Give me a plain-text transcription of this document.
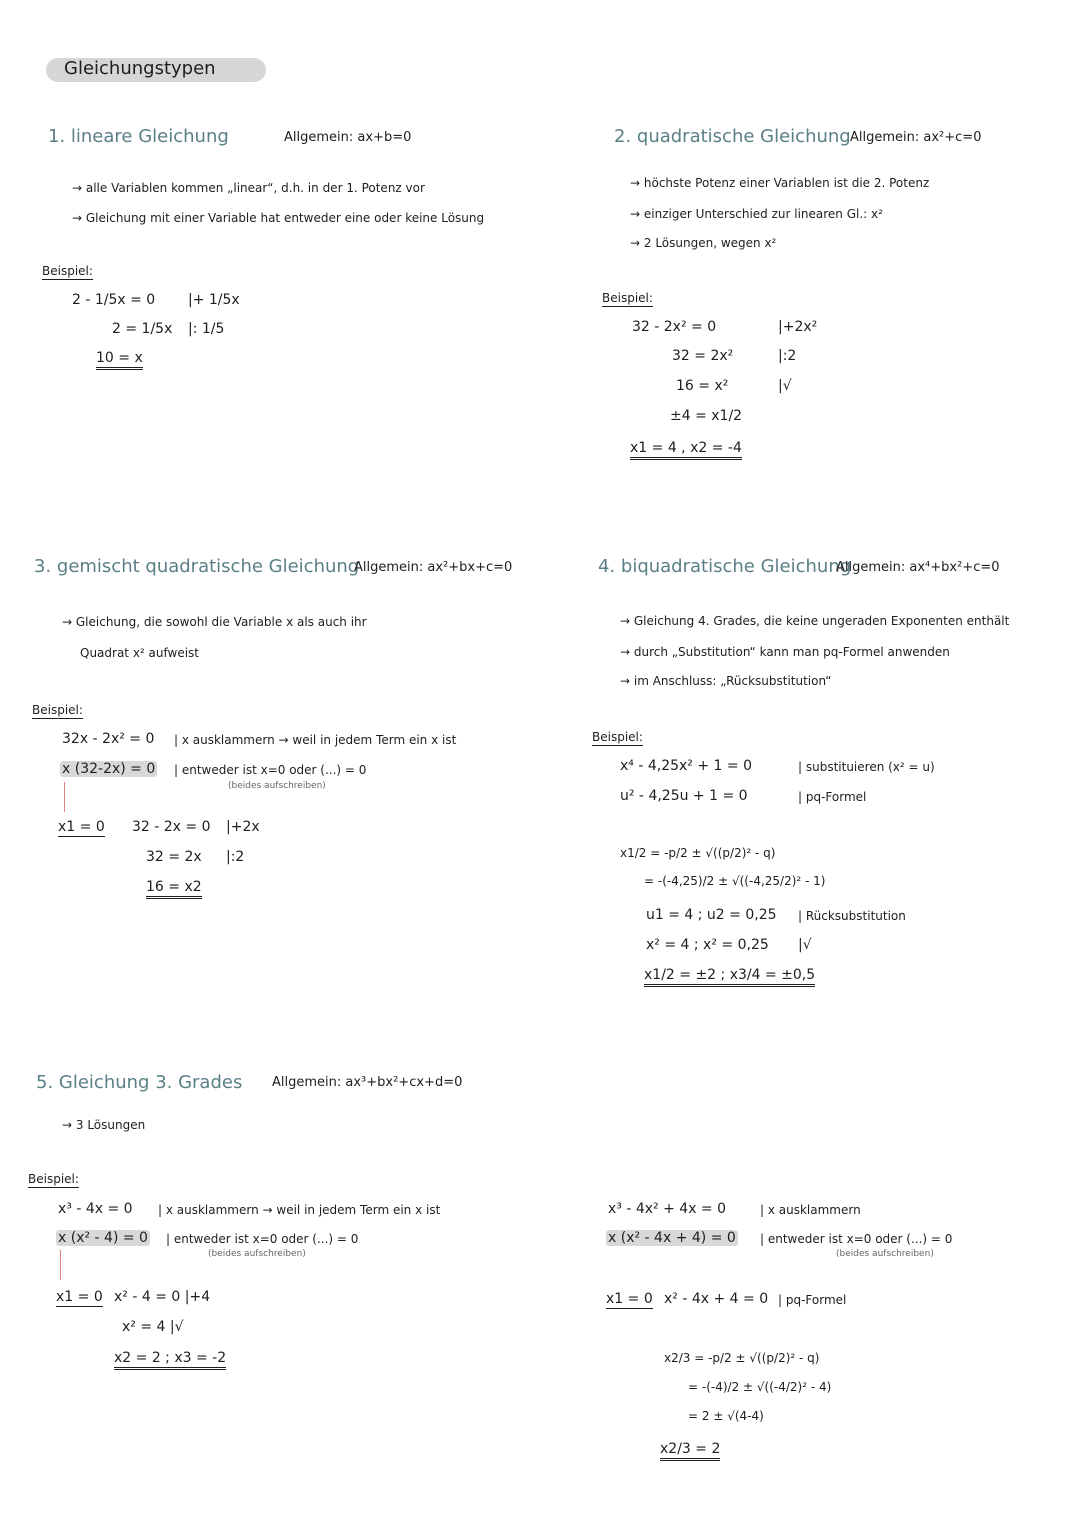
Gleichungstypen
1. lineare Gleichung	Allgemein: ax+b=0
→ alle Variablen kommen „linear“, d.h. in der 1. Potenz vor
→ Gleichung mit einer Variable hat entweder eine oder keine Lösung
Beispiel:
2 - 1/5x = 0 |+ 1/5x
2 = 1/5x |: 1/5
10 = x
2. quadratische Gleichung Allgemein: ax²+c=0
→ höchste Potenz einer Variablen ist die 2. Potenz
→ einziger Unterschied zur linearen Gl.: x²
→ 2 Lösungen, wegen x²
Beispiel:
32 - 2x² = 0	|+2x²
32 = 2x²	|:2
16 = x²	|√
±4 = x1/2
x1 = 4 , x2 = -4
3. gemischt quadratische Gleichung
Allgemein: ax²+bx+c=0
→ Gleichung, die sowohl die Variable x als auch ihr
Quadrat x² aufweist
Beispiel:
32x - 2x² = 0 | x ausklammern → weil in jedem Term ein x ist
x (32-2x) = 0 | entweder ist x=0 oder (...) = 0
(beides aufschreiben)
x1 = 0 32 - 2x = 0 |+2x
32 = 2x |:2
16 = x2
4. biquadratische Gleichung
Allgemein: ax⁴+bx²+c=0
→ Gleichung 4. Grades, die keine ungeraden Exponenten enthält
→ durch „Substitution“ kann man pq-Formel anwenden
→ im Anschluss: „Rücksubstitution“
Beispiel:
x⁴ - 4,25x² + 1 = 0	| substituieren (x² = u)
u² - 4,25u + 1 = 0	| pq-Formel
x1/2 = -p/2 ± √((p/2)² - q)
= -(-4,25)/2 ± √((-4,25/2)² - 1)
u1 = 4 ; u2 = 0,25 | Rücksubstitution
x² = 4 ; x² = 0,25 |√
x1/2 = ±2 ; x3/4 = ±0,5
5. Gleichung 3. Grades Allgemein: ax³+bx²+cx+d=0
→ 3 Lösungen
Beispiel:
x³ - 4x = 0 | x ausklammern → weil in jedem Term ein x ist
x (x² - 4) = 0 | entweder ist x=0 oder (...) = 0
(beides aufschreiben)
x1 = 0 x² - 4 = 0 |+4
x² = 4 |√
x2 = 2 ; x3 = -2
x³ - 4x² + 4x = 0	| x ausklammern
x (x² - 4x + 4) = 0 | entweder ist x=0 oder (...) = 0
(beides aufschreiben)
x1 = 0 x² - 4x + 4 = 0 | pq-Formel
x2/3 = -p/2 ± √((p/2)² - q)
= -(-4)/2 ± √((-4/2)² - 4)
= 2 ± √(4-4)
x2/3 = 2
